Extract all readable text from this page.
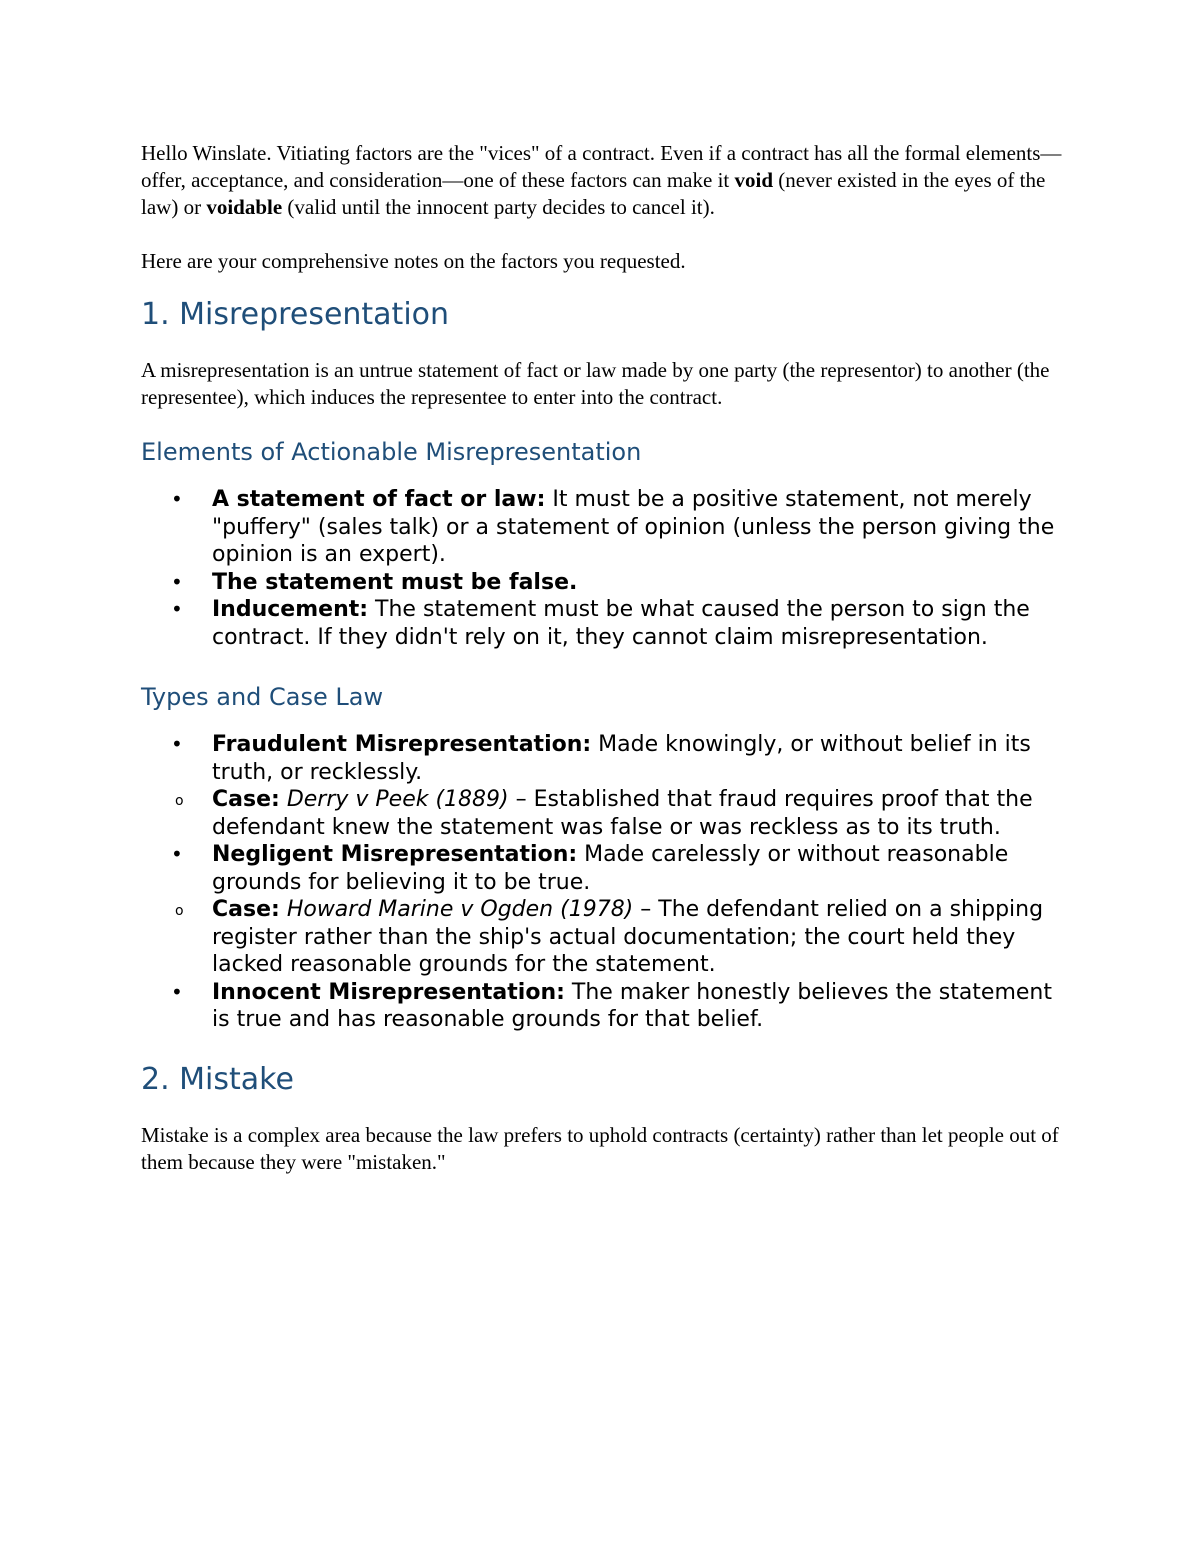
Hello Winslate. Vitiating factors are the "vices" of a contract. Even if a contract has all the formal elements—offer, acceptance, and consideration—one of these factors can make it void (never existed in the eyes of the law) or voidable (valid until the innocent party decides to cancel it).

Here are your comprehensive notes on the factors you requested.

1. Misrepresentation

A misrepresentation is an untrue statement of fact or law made by one party (the representor) to another (the representee), which induces the representee to enter into the contract.

Elements of Actionable Misrepresentation
• A statement of fact or law: It must be a positive statement, not merely "puffery" (sales talk) or a statement of opinion (unless the person giving the opinion is an expert).
• The statement must be false.
• Inducement: The statement must be what caused the person to sign the contract. If they didn't rely on it, they cannot claim misrepresentation.
Types and Case Law
• Fraudulent Misrepresentation: Made knowingly, or without belief in its truth, or recklessly.
o Case: Derry v Peek (1889) – Established that fraud requires proof that the defendant knew the statement was false or was reckless as to its truth.
• Negligent Misrepresentation: Made carelessly or without reasonable grounds for believing it to be true.
o Case: Howard Marine v Ogden (1978) – The defendant relied on a shipping register rather than the ship's actual documentation; the court held they lacked reasonable grounds for the statement.
• Innocent Misrepresentation: The maker honestly believes the statement is true and has reasonable grounds for that belief.
2. Mistake

Mistake is a complex area because the law prefers to uphold contracts (certainty) rather than let people out of them because they were "mistaken."
